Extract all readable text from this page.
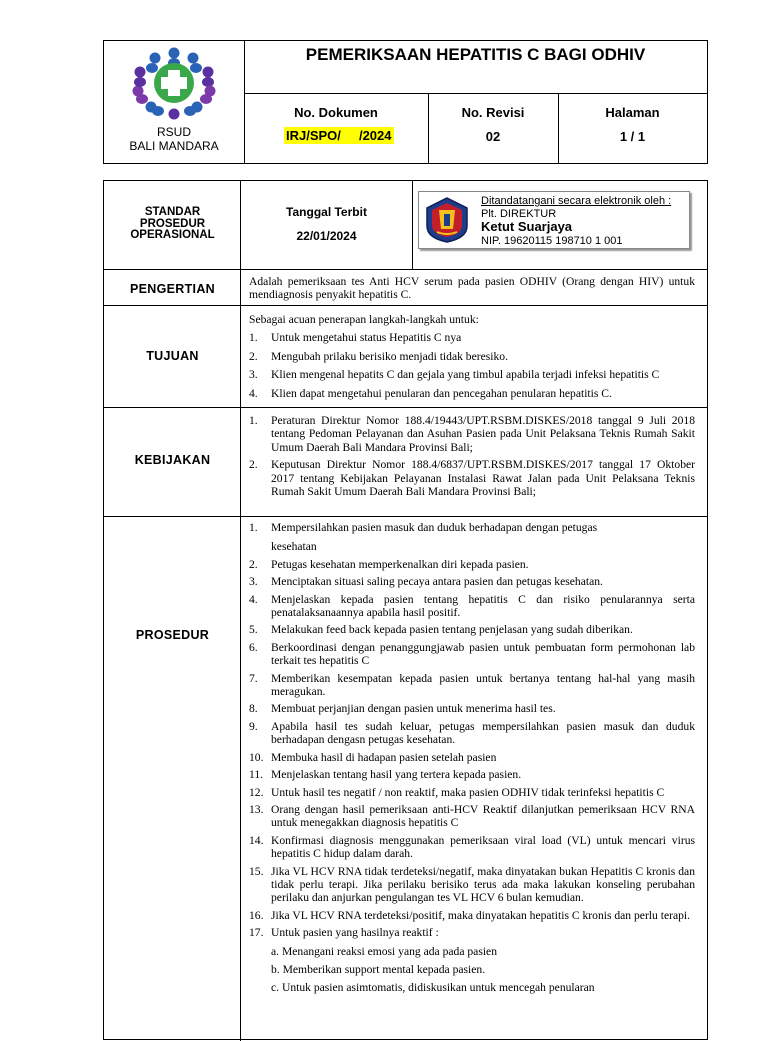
RSUD
BALI MANDARA
PEMERIKSAAN HEPATITIS C BAGI ODHIV
No. Dokumen
IRJ/SPO/     /2024
No. Revisi
02
Halaman
1 / 1
STANDAR
PROSEDUR
OPERASIONAL
Tanggal Terbit
22/01/2024
Ditandatangani secara elektronik oleh :
Plt. DIREKTUR
Ketut Suarjaya
NIP. 19620115 198710 1 001
PENGERTIAN
Adalah pemeriksaan tes Anti HCV serum pada pasien ODHIV (Orang dengan HIV) untuk mendiagnosis penyakit hepatitis C.
TUJUAN
Sebagai acuan penerapan langkah-langkah untuk:
1. Untuk mengetahui status Hepatitis C nya
2. Mengubah prilaku berisiko menjadi tidak beresiko.
3. Klien mengenal hepatits C dan gejala yang timbul apabila terjadi infeksi hepatitis C
4. Klien dapat mengetahui penularan dan pencegahan penularan hepatitis C.
KEBIJAKAN
1. Peraturan Direktur Nomor 188.4/19443/UPT.RSBM.DISKES/2018 tanggal 9 Juli 2018 tentang Pedoman Pelayanan dan Asuhan Pasien pada Unit Pelaksana Teknis Rumah Sakit Umum Daerah Bali Mandara Provinsi Bali;
2. Keputusan Direktur Nomor 188.4/6837/UPT.RSBM.DISKES/2017 tanggal 17 Oktober 2017 tentang Kebijakan Pelayanan Instalasi Rawat Jalan pada Unit Pelaksana Teknis Rumah Sakit Umum Daerah Bali Mandara Provinsi Bali;
PROSEDUR
1. Mempersilahkan pasien masuk dan duduk berhadapan dengan petugas
kesehatan
2. Petugas kesehatan memperkenalkan diri kepada pasien.
3. Menciptakan situasi saling pecaya antara pasien dan petugas kesehatan.
4. Menjelaskan kepada pasien tentang hepatitis C dan risiko penularannya serta penatalaksanaannya apabila hasil positif.
5. Melakukan feed back kepada pasien tentang penjelasan yang sudah diberikan.
6. Berkoordinasi dengan penanggungjawab pasien untuk pembuatan form permohonan lab terkait tes hepatitis C
7. Memberikan kesempatan kepada pasien untuk bertanya tentang hal-hal yang masih meragukan.
8. Membuat perjanjian dengan pasien untuk menerima hasil tes.
9. Apabila hasil tes sudah keluar, petugas mempersilahkan pasien masuk dan duduk berhadapan dengasn petugas kesehatan.
10. Membuka hasil di hadapan pasien setelah pasien
11. Menjelaskan tentang hasil yang tertera kepada pasien.
12. Untuk hasil tes negatif / non reaktif, maka pasien ODHIV tidak terinfeksi hepatitis C
13. Orang dengan hasil pemeriksaan anti-HCV Reaktif dilanjutkan pemeriksaan HCV RNA untuk menegakkan diagnosis hepatitis C
14. Konfirmasi diagnosis menggunakan pemeriksaan viral load (VL) untuk mencari virus hepatitis C hidup dalam darah.
15. Jika VL HCV RNA tidak terdeteksi/negatif, maka dinyatakan bukan Hepatitis C kronis dan tidak perlu terapi. Jika perilaku berisiko terus ada maka lakukan konseling perubahan perilaku dan anjurkan pengulangan tes VL HCV 6 bulan kemudian.
16. Jika VL HCV RNA terdeteksi/positif, maka dinyatakan hepatitis C kronis dan perlu terapi.
17. Untuk pasien yang hasilnya reaktif :
a. Menangani reaksi emosi yang ada pada pasien
b. Memberikan support mental kepada pasien.
c. Untuk pasien asimtomatis, didiskusikan untuk mencegah penularan
